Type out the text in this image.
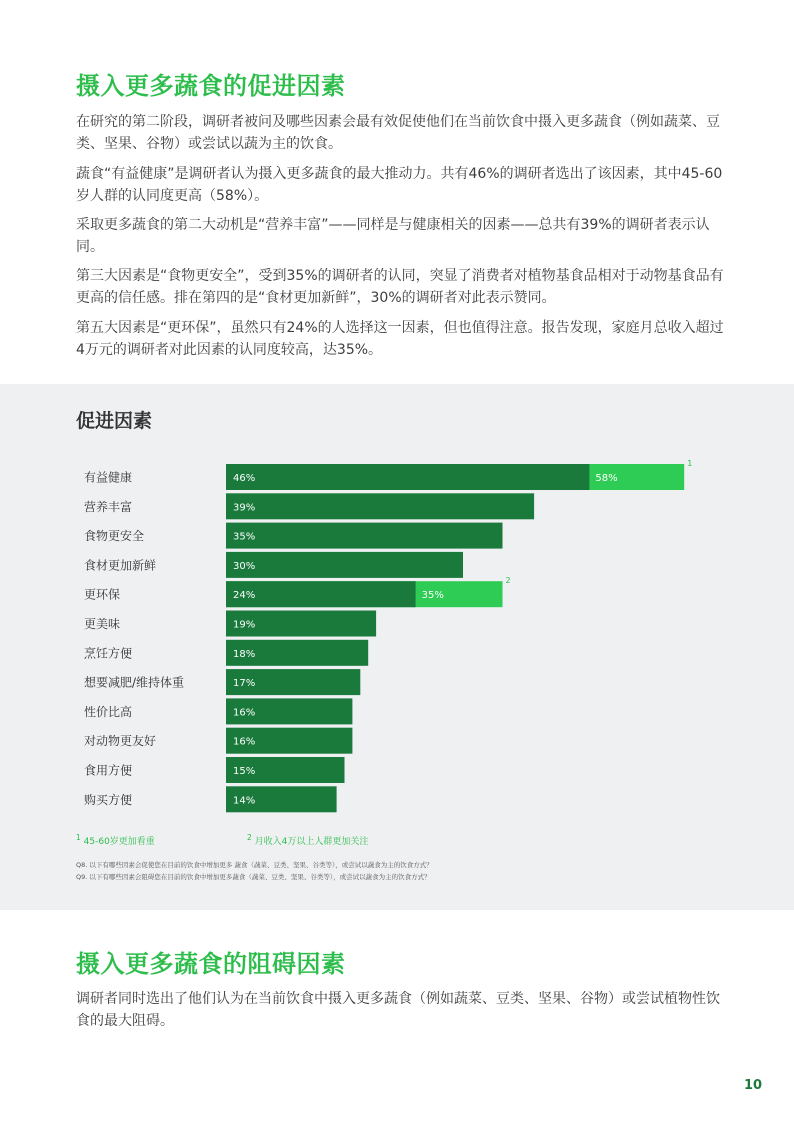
摄入更多蔬食的促进因素

在研究的第二阶段，调研者被问及哪些因素会最有效促使他们在当前饮食中摄入更多蔬食（例如蔬菜、豆类、坚果、谷物）或尝试以蔬为主的饮食。

蔬食“有益健康”是调研者认为摄入更多蔬食的最大推动力。共有46%的调研者选出了该因素，其中45-60岁人群的认同度更高（58%）。

采取更多蔬食的第二大动机是“营养丰富”——同样是与健康相关的因素——总共有39%的调研者表示认同。

第三大因素是“食物更安全”，受到35%的调研者的认同，突显了消费者对植物基食品相对于动物基食品有更高的信任感。排在第四的是“食材更加新鲜”，30%的调研者对此表示赞同。

第五大因素是“更环保”，虽然只有24%的人选择这一因素，但也值得注意。报告发现，家庭月总收入超过4万元的调研者对此因素的认同度较高，达35%。

促进因素
有益健康	46%	58%
1
营养丰富	39%
食物更安全	35%
食材更加新鲜	30%
更环保	24%	35%
2
更美味	19%
烹饪方便	18%
想要减肥/维持体重	17%
性价比高	16%
对动物更友好	16%
食用方便	15%
购买方便	14%
$^1$ 45-60岁更加看重	$^2$ 月收入4万以上人群更加关注
Q8. 以下有哪些因素会促使您在目前的饮食中增加更多 蔬食（蔬菜、豆类、坚果、谷类等），或尝试以蔬食为主的饮食方式？
Q9. 以下有哪些因素会阻碍您在目前的饮食中增加更多蔬食（蔬菜、豆类、坚果、谷类等），或尝试以蔬食为主的饮食方式？
摄入更多蔬食的阻碍因素

调研者同时选出了他们认为在当前饮食中摄入更多蔬食（例如蔬菜、豆类、坚果、谷物）或尝试植物性饮食的最大阻碍。

10
